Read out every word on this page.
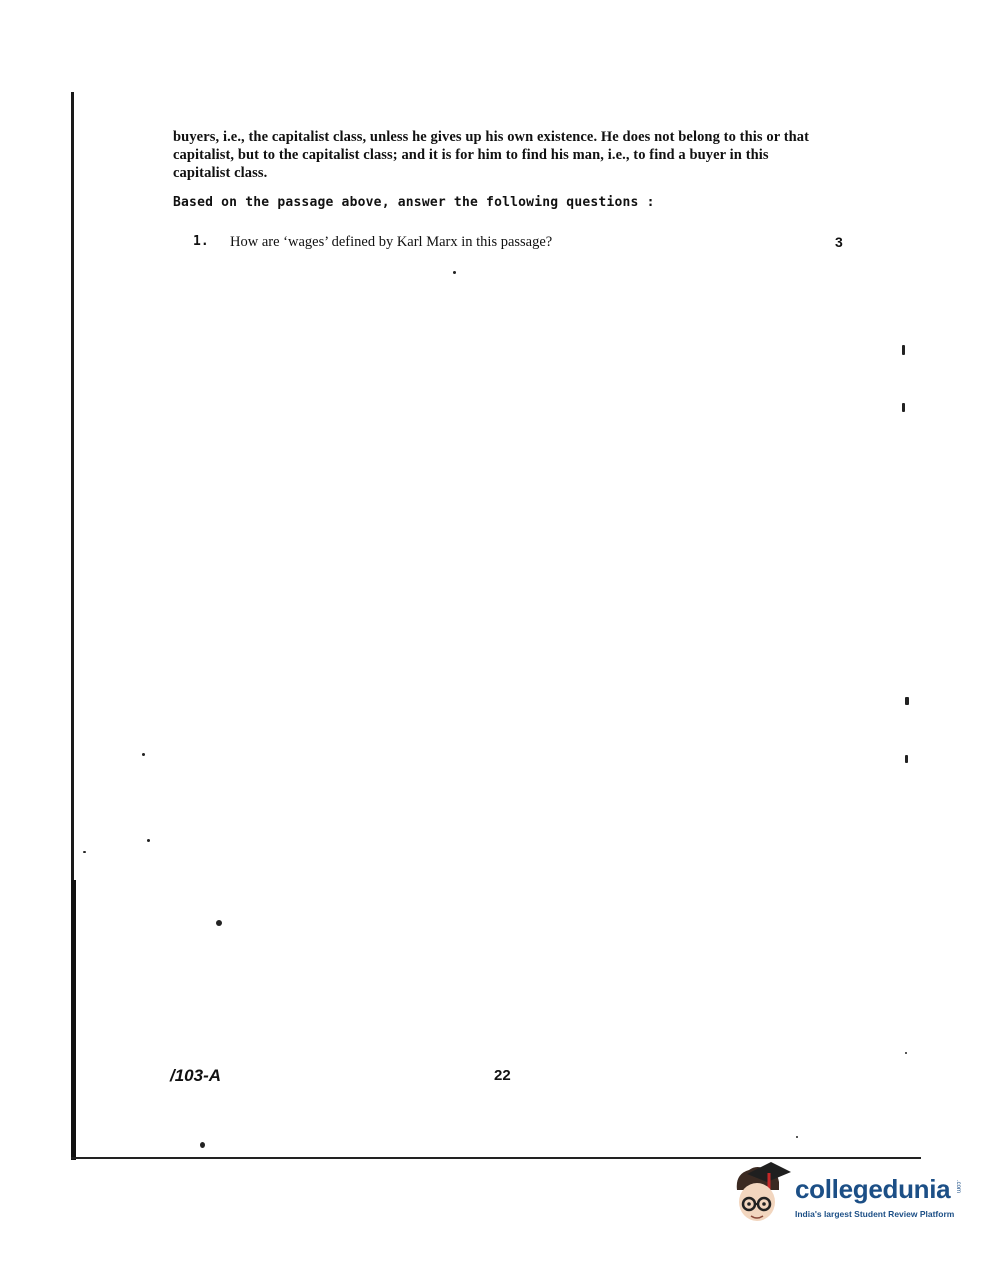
buyers, i.e., the capitalist class, unless he gives up his own existence. He does not belong to this or that capitalist, but to the capitalist class; and it is for him to find his man, i.e., to find a buyer in this capitalist class.

Based on the passage above, answer the following questions :
1. How are ‘wages’ defined by Karl Marx in this passage?	3
/103-A	22
collegedunia .com
India's largest Student Review Platform
